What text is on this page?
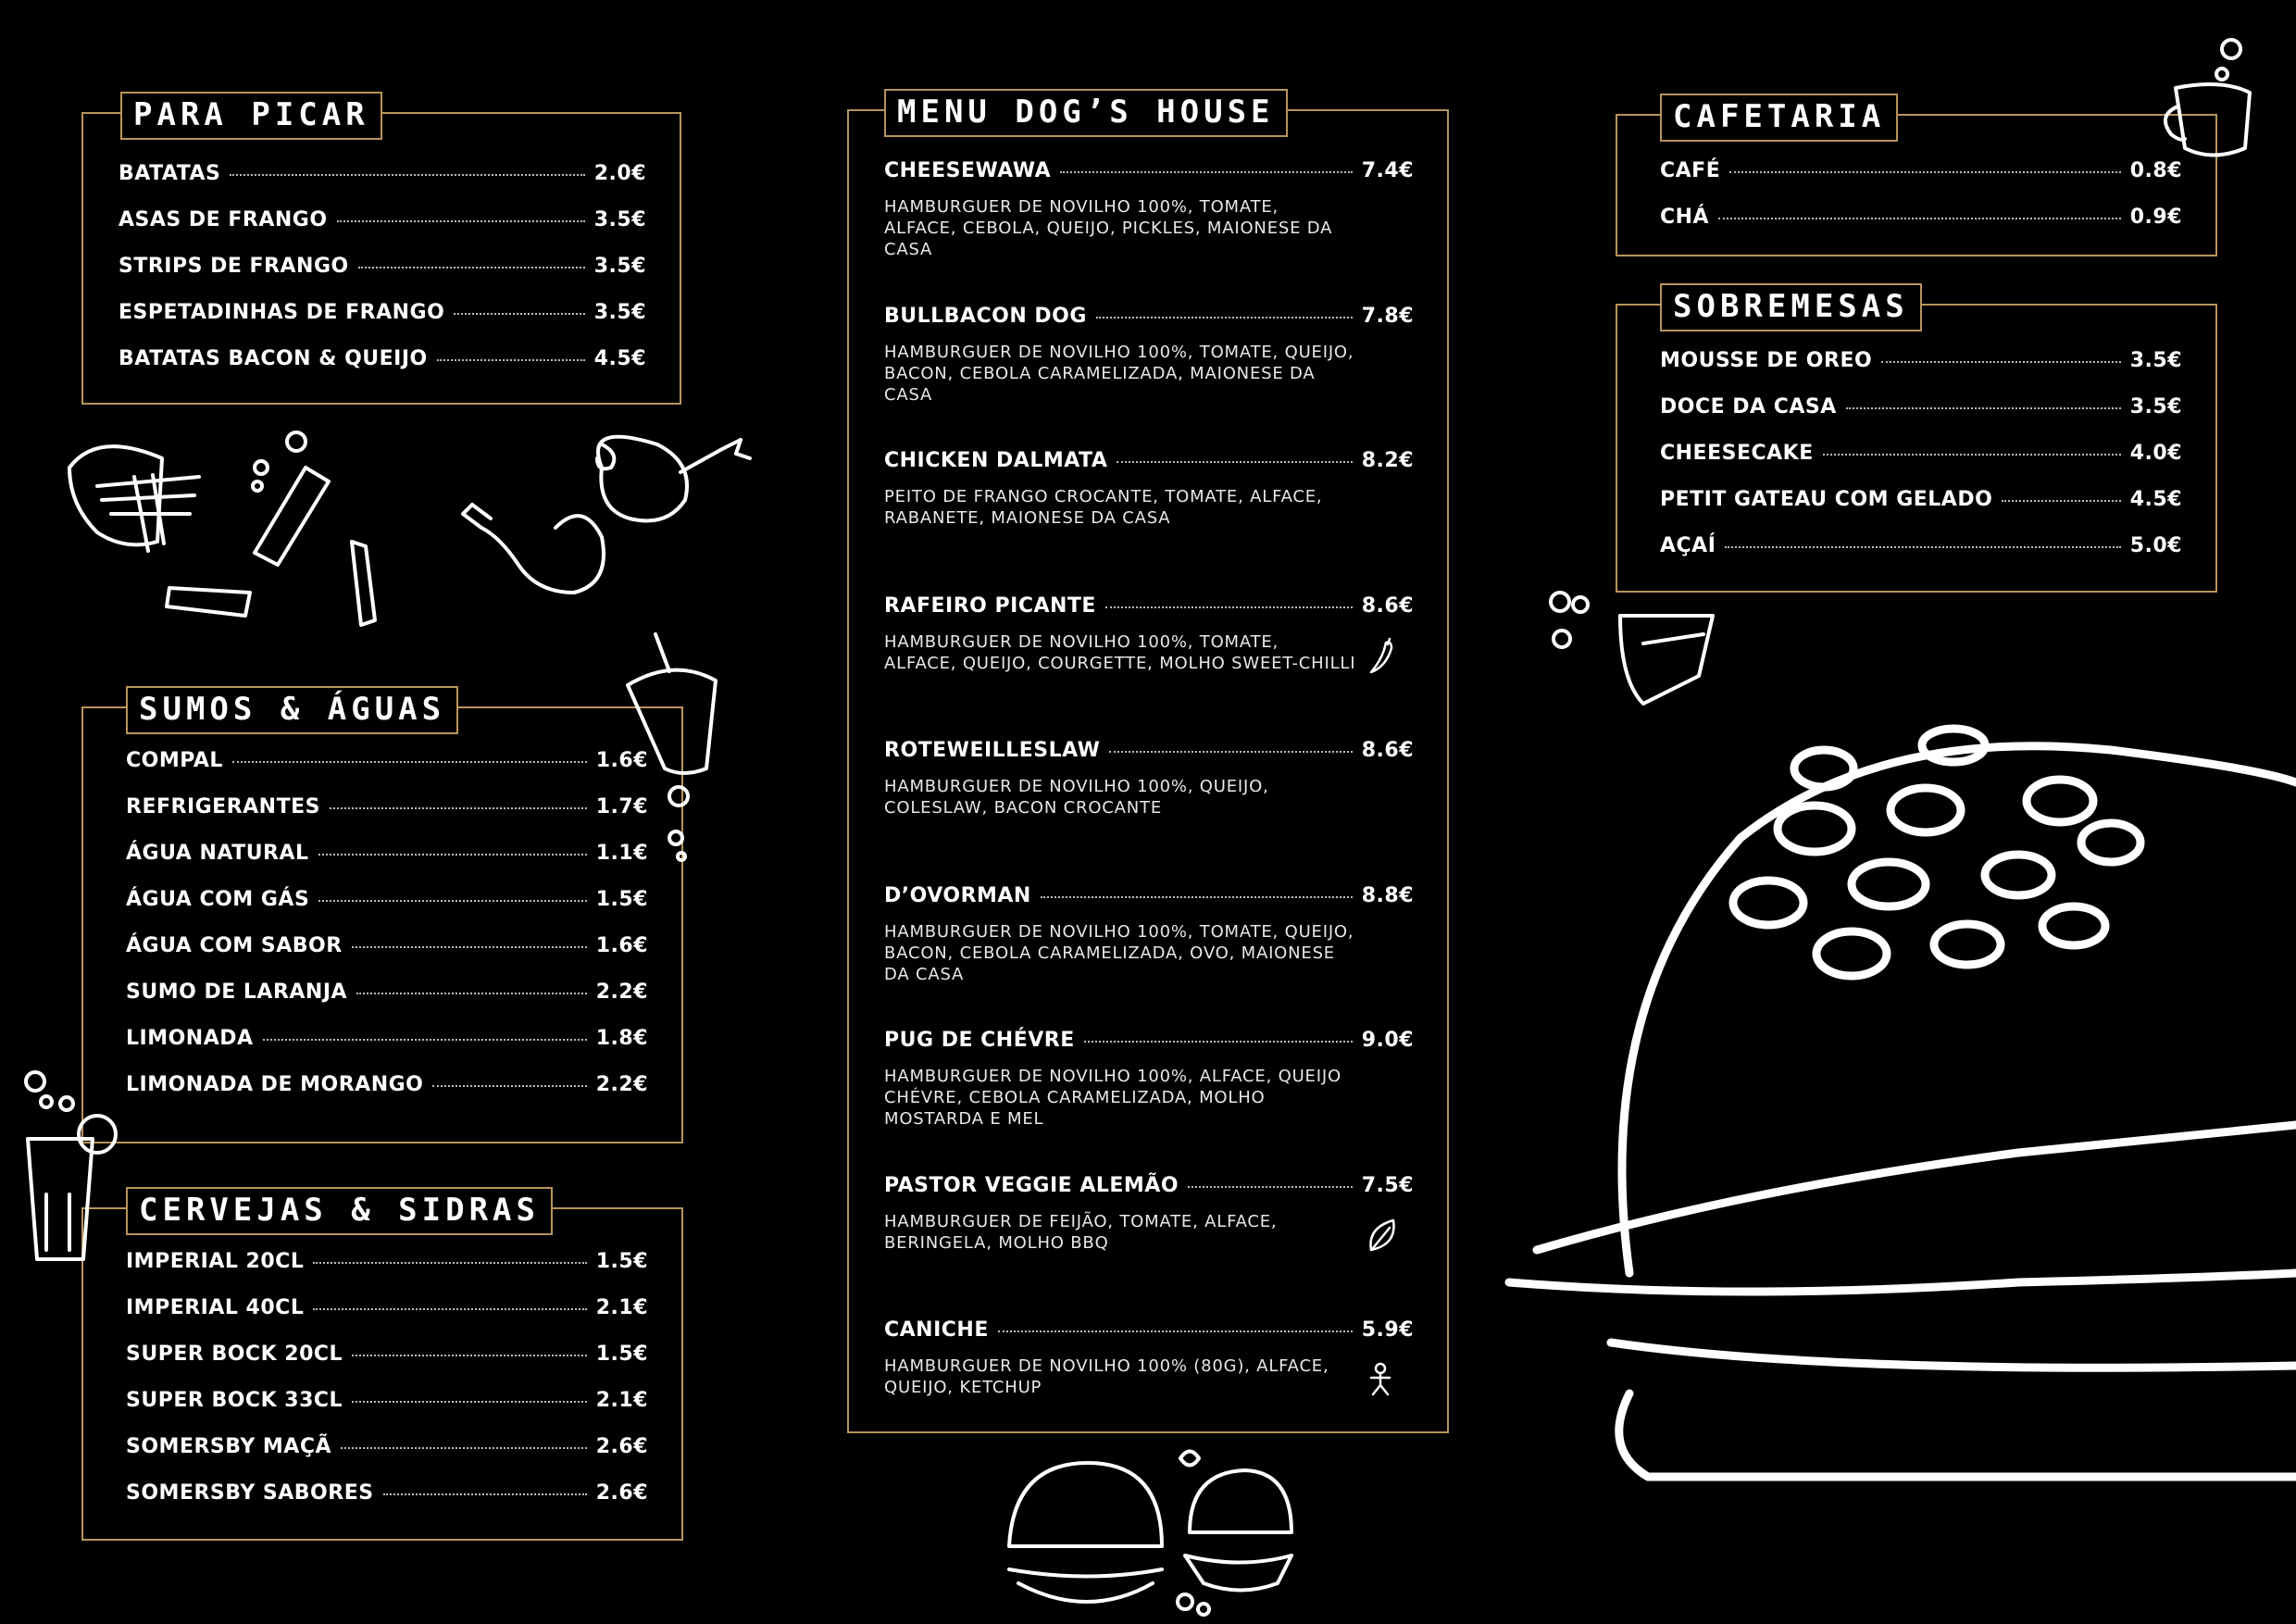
PARA PICAR
BATATAS	2.0€
ASAS DE FRANGO	3.5€
STRIPS DE FRANGO	3.5€
ESPETADINHAS DE FRANGO	3.5€
BATATAS BACON & QUEIJO	4.5€
SUMOS & ÁGUAS
COMPAL	1.6€
REFRIGERANTES	1.7€
ÁGUA NATURAL	1.1€
ÁGUA COM GÁS	1.5€
ÁGUA COM SABOR	1.6€
SUMO DE LARANJA	2.2€
LIMONADA	1.8€
LIMONADA DE MORANGO	2.2€
CERVEJAS & SIDRAS
IMPERIAL 20CL	1.5€
IMPERIAL 40CL	2.1€
SUPER BOCK 20CL	1.5€
SUPER BOCK 33CL	2.1€
SOMERSBY MAÇÃ	2.6€
SOMERSBY SABORES	2.6€
MENU DOG’S HOUSE
CHEESEWAWA	7.4€
HAMBURGUER DE NOVILHO 100%, TOMATE, ALFACE, CEBOLA, QUEIJO, PICKLES, MAIONESE DA CASA
BULLBACON DOG	7.8€
HAMBURGUER DE NOVILHO 100%, TOMATE, QUEIJO, BACON, CEBOLA CARAMELIZADA, MAIONESE DA CASA
CHICKEN DALMATA	8.2€
PEITO DE FRANGO CROCANTE, TOMATE, ALFACE, RABANETE, MAIONESE DA CASA
RAFEIRO PICANTE	8.6€
HAMBURGUER DE NOVILHO 100%, TOMATE, ALFACE, QUEIJO, COURGETTE, MOLHO SWEET-CHILLI
ROTEWEILLESLAW	8.6€
HAMBURGUER DE NOVILHO 100%, QUEIJO, COLESLAW, BACON CROCANTE
D’OVORMAN	8.8€
HAMBURGUER DE NOVILHO 100%, TOMATE, QUEIJO, BACON, CEBOLA CARAMELIZADA, OVO, MAIONESE DA CASA
PUG DE CHÉVRE	9.0€
HAMBURGUER DE NOVILHO 100%, ALFACE, QUEIJO CHÉVRE, CEBOLA CARAMELIZADA, MOLHO MOSTARDA E MEL
PASTOR VEGGIE ALEMÃO	7.5€
HAMBURGUER DE FEIJÃO, TOMATE, ALFACE, BERINGELA, MOLHO BBQ
CANICHE	5.9€
HAMBURGUER DE NOVILHO 100% (80G), ALFACE, QUEIJO, KETCHUP
CAFETARIA
CAFÉ	0.8€
CHÁ	0.9€
SOBREMESAS
MOUSSE DE OREO	3.5€
DOCE DA CASA	3.5€
CHEESECAKE	4.0€
PETIT GATEAU COM GELADO	4.5€
AÇAÍ	5.0€
